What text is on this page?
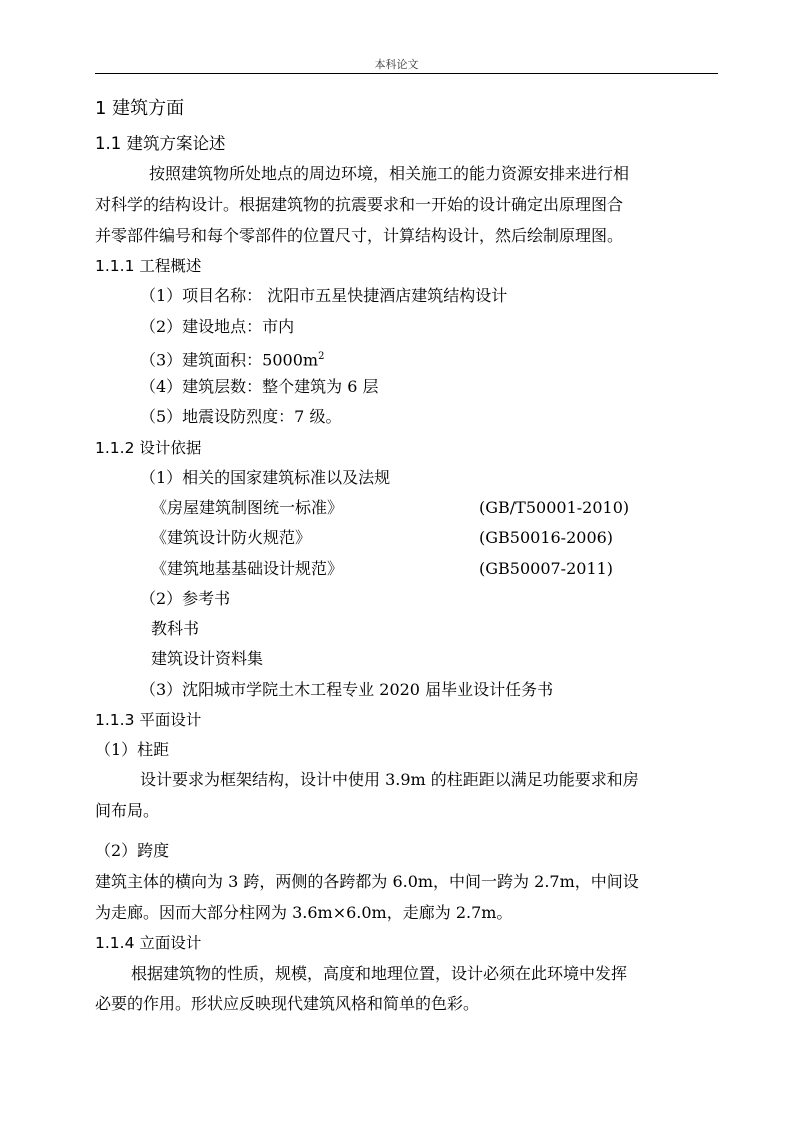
本科论文
1 建筑方面
1.1 建筑方案论述
按照建筑物所处地点的周边环境，相关施工的能力资源安排来进行相
对科学的结构设计。根据建筑物的抗震要求和一开始的设计确定出原理图合
并零部件编号和每个零部件的位置尺寸，计算结构设计，然后绘制原理图。
1.1.1 工程概述
（1）项目名称： 沈阳市五星快捷酒店建筑结构设计
（2）建设地点：市内
（3）建筑面积：$5000m^2$
（4）建筑层数：整个建筑为 6 层
（5）地震设防烈度：7 级。
1.1.2 设计依据
（1）相关的国家建筑标准以及法规
《房屋建筑制图统一标准》	(GB/T50001-2010)
《建筑设计防火规范》	(GB50016-2006)
《建筑地基基础设计规范》	(GB50007-2011)
（2）参考书
教科书
建筑设计资料集
（3）沈阳城市学院土木工程专业 2020 届毕业设计任务书
1.1.3 平面设计
（1）柱距
设计要求为框架结构，设计中使用 3.9m 的柱距距以满足功能要求和房
间布局。
（2）跨度
建筑主体的横向为 3 跨，两侧的各跨都为 6.0m，中间一跨为 2.7m，中间设
为走廊。因而大部分柱网为 3.6m×6.0m，走廊为 2.7m。
1.1.4 立面设计
根据建筑物的性质，规模，高度和地理位置，设计必须在此环境中发挥
必要的作用。形状应反映现代建筑风格和简单的色彩。
